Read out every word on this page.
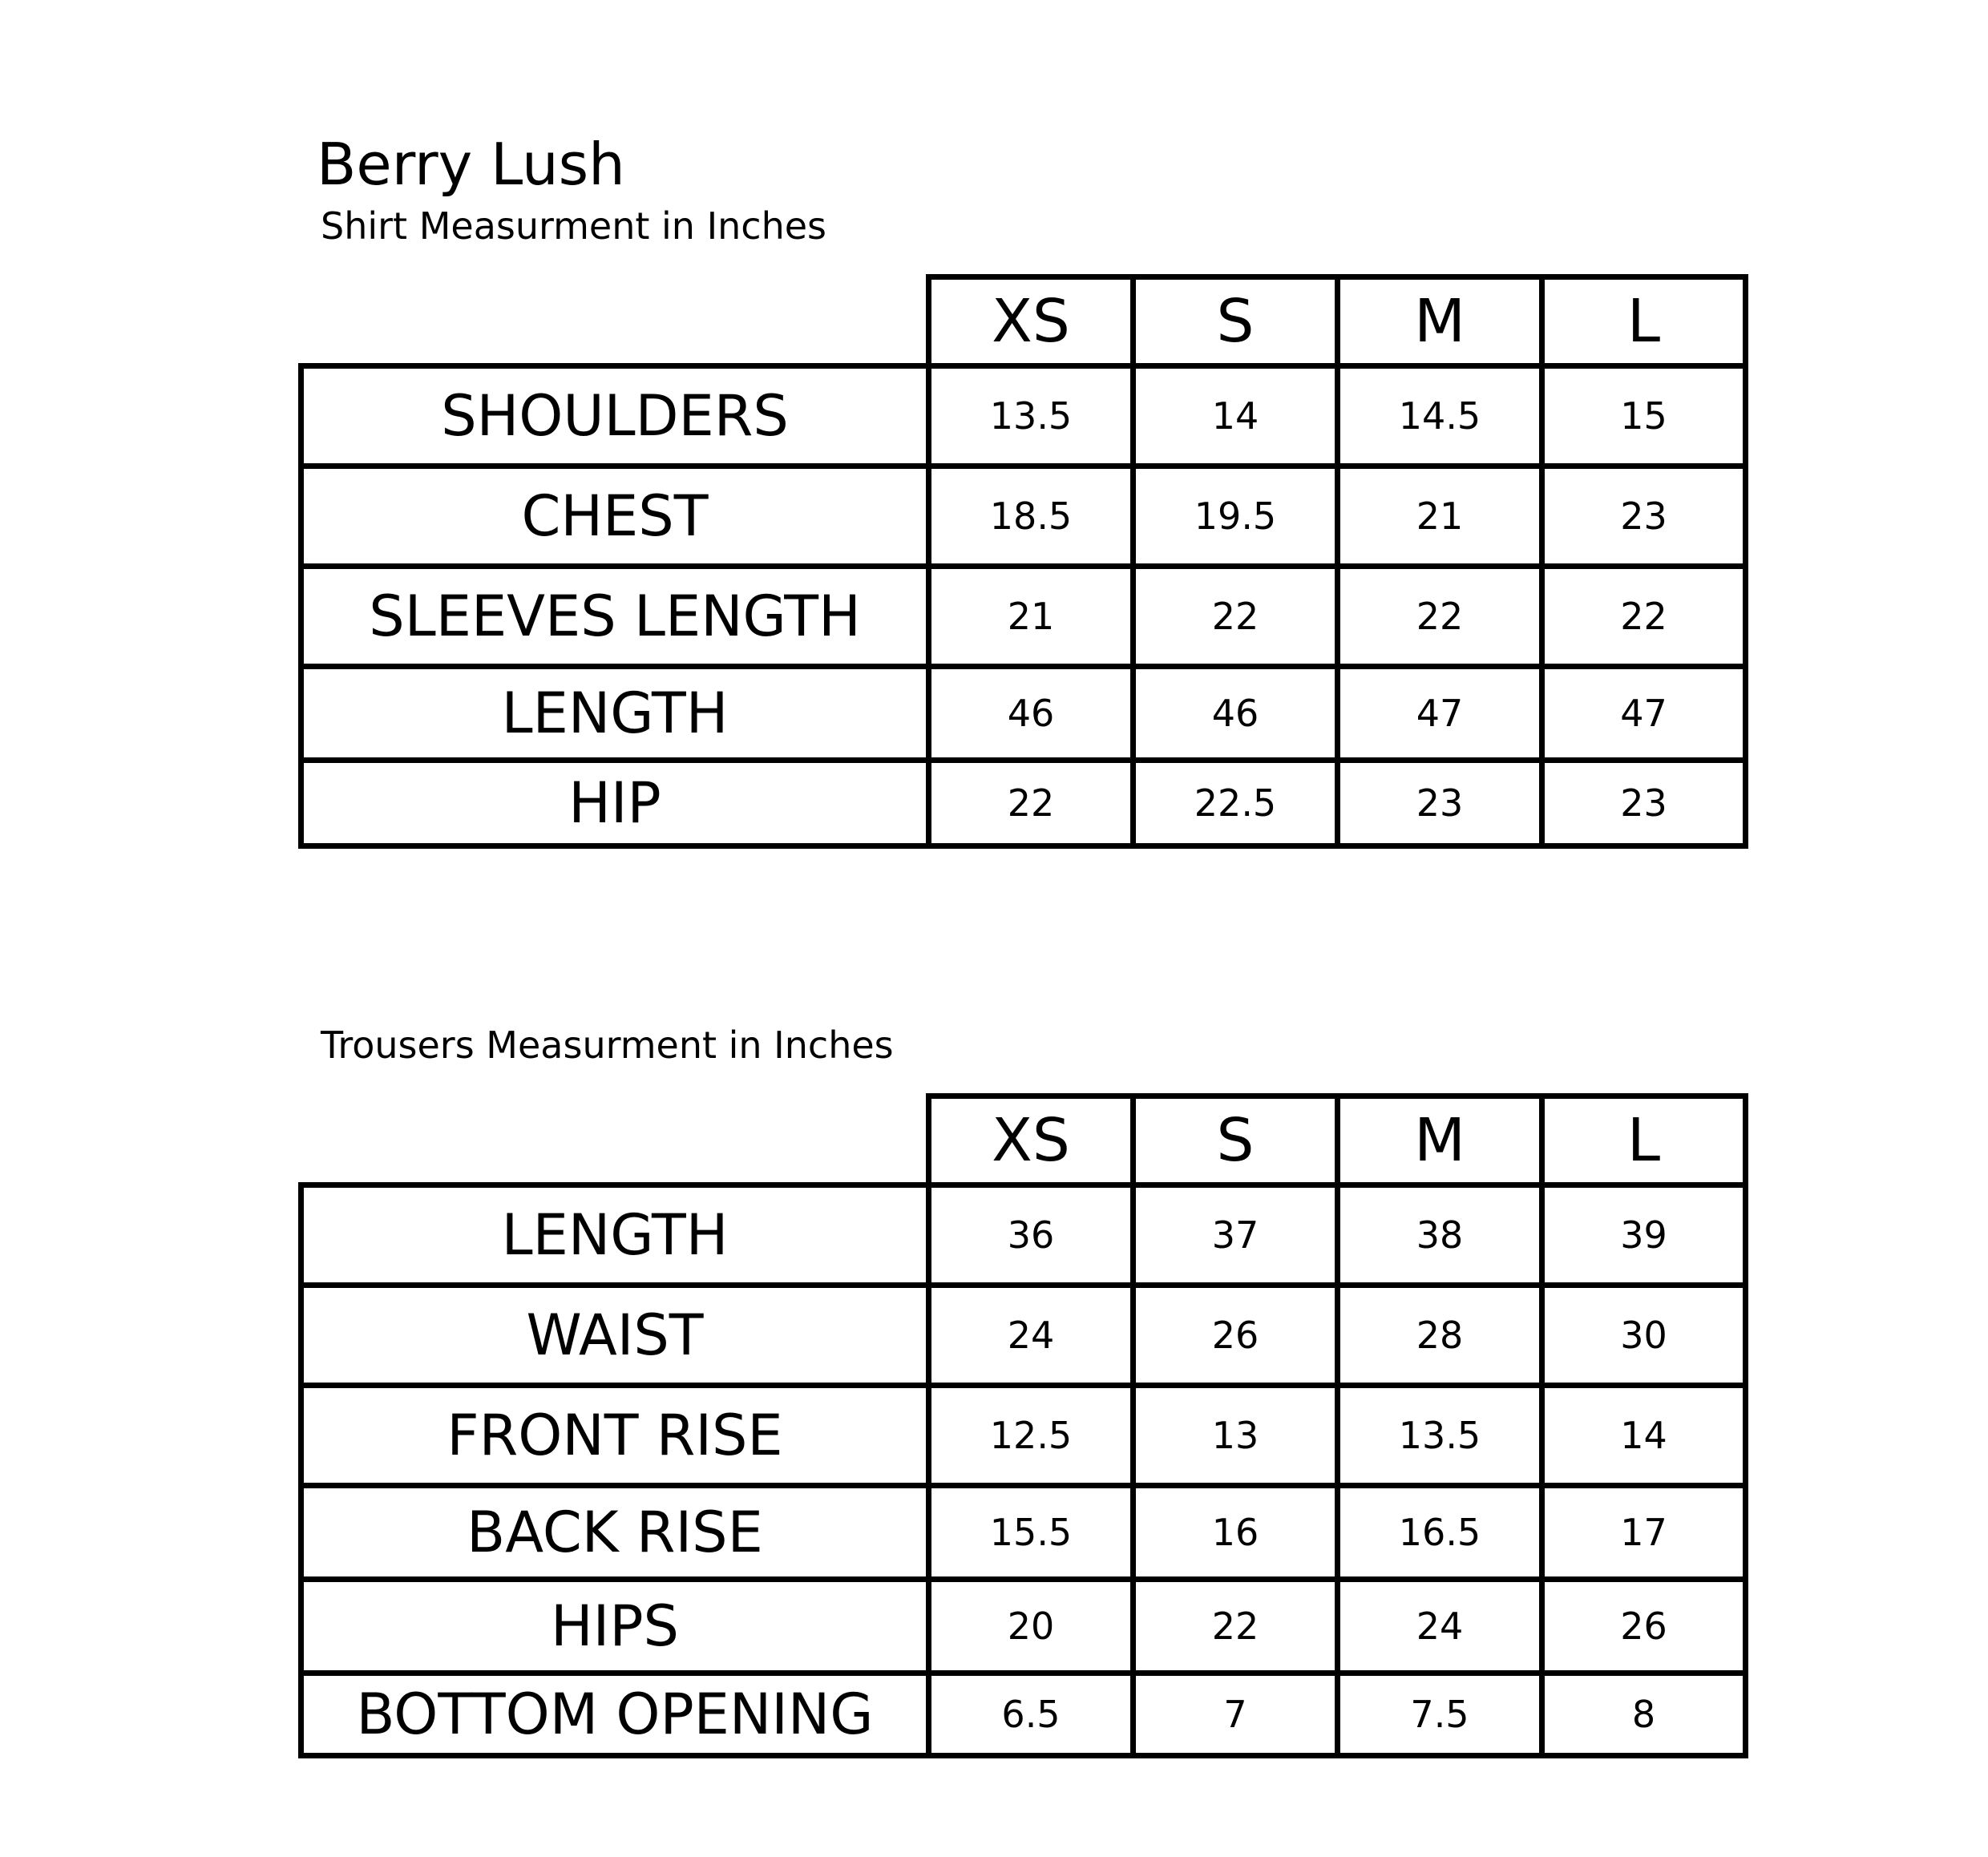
Berry Lush
Shirt Measurment in Inches
	XS	S	M	L
SHOULDERS	13.5	14	14.5	15
CHEST	18.5	19.5	21	23
SLEEVES LENGTH	21	22	22	22
LENGTH	46	46	47	47
HIP	22	22.5	23	23
Trousers Measurment in Inches
	XS	S	M	L
LENGTH	36	37	38	39
WAIST	24	26	28	30
FRONT RISE	12.5	13	13.5	14
BACK RISE	15.5	16	16.5	17
HIPS	20	22	24	26
BOTTOM OPENING	6.5	7	7.5	8
